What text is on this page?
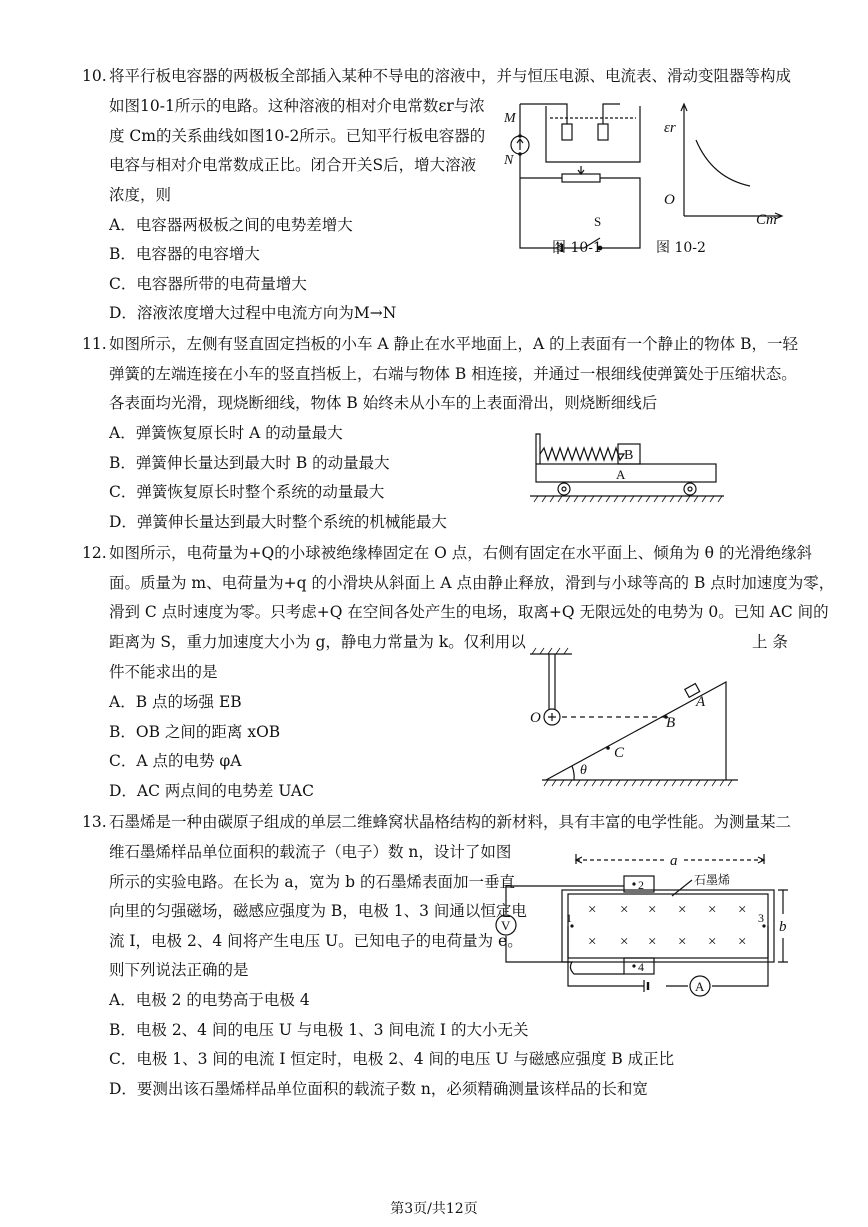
10. 将平行板电容器的两极板全部插入某种不导电的溶液中，并与恒压电源、电流表、滑动变阻器等构成
如图10-1所示的电路。这种溶液的相对介电常数εr与浓
度 Cm的关系曲线如图10-2所示。已知平行板电容器的
电容与相对介电常数成正比。闭合开关S后，增大溶液
浓度，则
A．电容器两极板之间的电势差增大
B．电容器的电容增大
C．电容器所带的电荷量增大
D．溶液浓度增大过程中电流方向为M→N
M
N
S
图 10-1
εr
O
Cm
图 10-2
11. 如图所示，左侧有竖直固定挡板的小车 A 静止在水平地面上，A 的上表面有一个静止的物体 B，一轻
弹簧的左端连接在小车的竖直挡板上，右端与物体 B 相连接，并通过一根细线使弹簧处于压缩状态。
各表面均光滑，现烧断细线，物体 B 始终未从小车的上表面滑出，则烧断细线后
A．弹簧恢复原长时 A 的动量最大
B．弹簧伸长量达到最大时 B 的动量最大
C．弹簧恢复原长时整个系统的动量最大
D．弹簧伸长量达到最大时整个系统的机械能最大
B
A
12. 如图所示，电荷量为+Q的小球被绝缘棒固定在 O 点，右侧有固定在水平面上、倾角为 θ 的光滑绝缘斜
面。质量为 m、电荷量为+q 的小滑块从斜面上 A 点由静止释放，滑到与小球等高的 B 点时加速度为零，
滑到 C 点时速度为零。只考虑+Q 在空间各处产生的电场，取离+Q 无限远处的电势为 0。已知 AC 间的
距离为 S，重力加速度大小为 g，静电力常量为 k。仅利用以	上 条
件不能求出的是
A．B 点的场强 EB
B．OB 之间的距离 xOB
C．A 点的电势 φA
D．AC 两点间的电势差 UAC
O
A
B
C
θ
13. 石墨烯是一种由碳原子组成的单层二维蜂窝状晶格结构的新材料，具有丰富的电学性能。为测量某二
维石墨烯样品单位面积的载流子（电子）数 n，设计了如图
所示的实验电路。在长为 a，宽为 b 的石墨烯表面加一垂直
向里的匀强磁场，磁感应强度为 B，电极 1、3 间通以恒定电
流 I，电极 2、4 间将产生电压 U。已知电子的电荷量为 e。
则下列说法正确的是
A．电极 2 的电势高于电极 4
B．电极 2、4 间的电压 U 与电极 1、3 间电流 I 的大小无关
C．电极 1、3 间的电流 I 恒定时，电极 2、4 间的电压 U 与磁感应强度 B 成正比
D．要测出该石墨烯样品单位面积的载流子数 n，必须精确测量该样品的长和宽
a
b
石墨烯
V
A
2
4
1	3
× × × × × ×
× × × × × ×
第3页/共12页
